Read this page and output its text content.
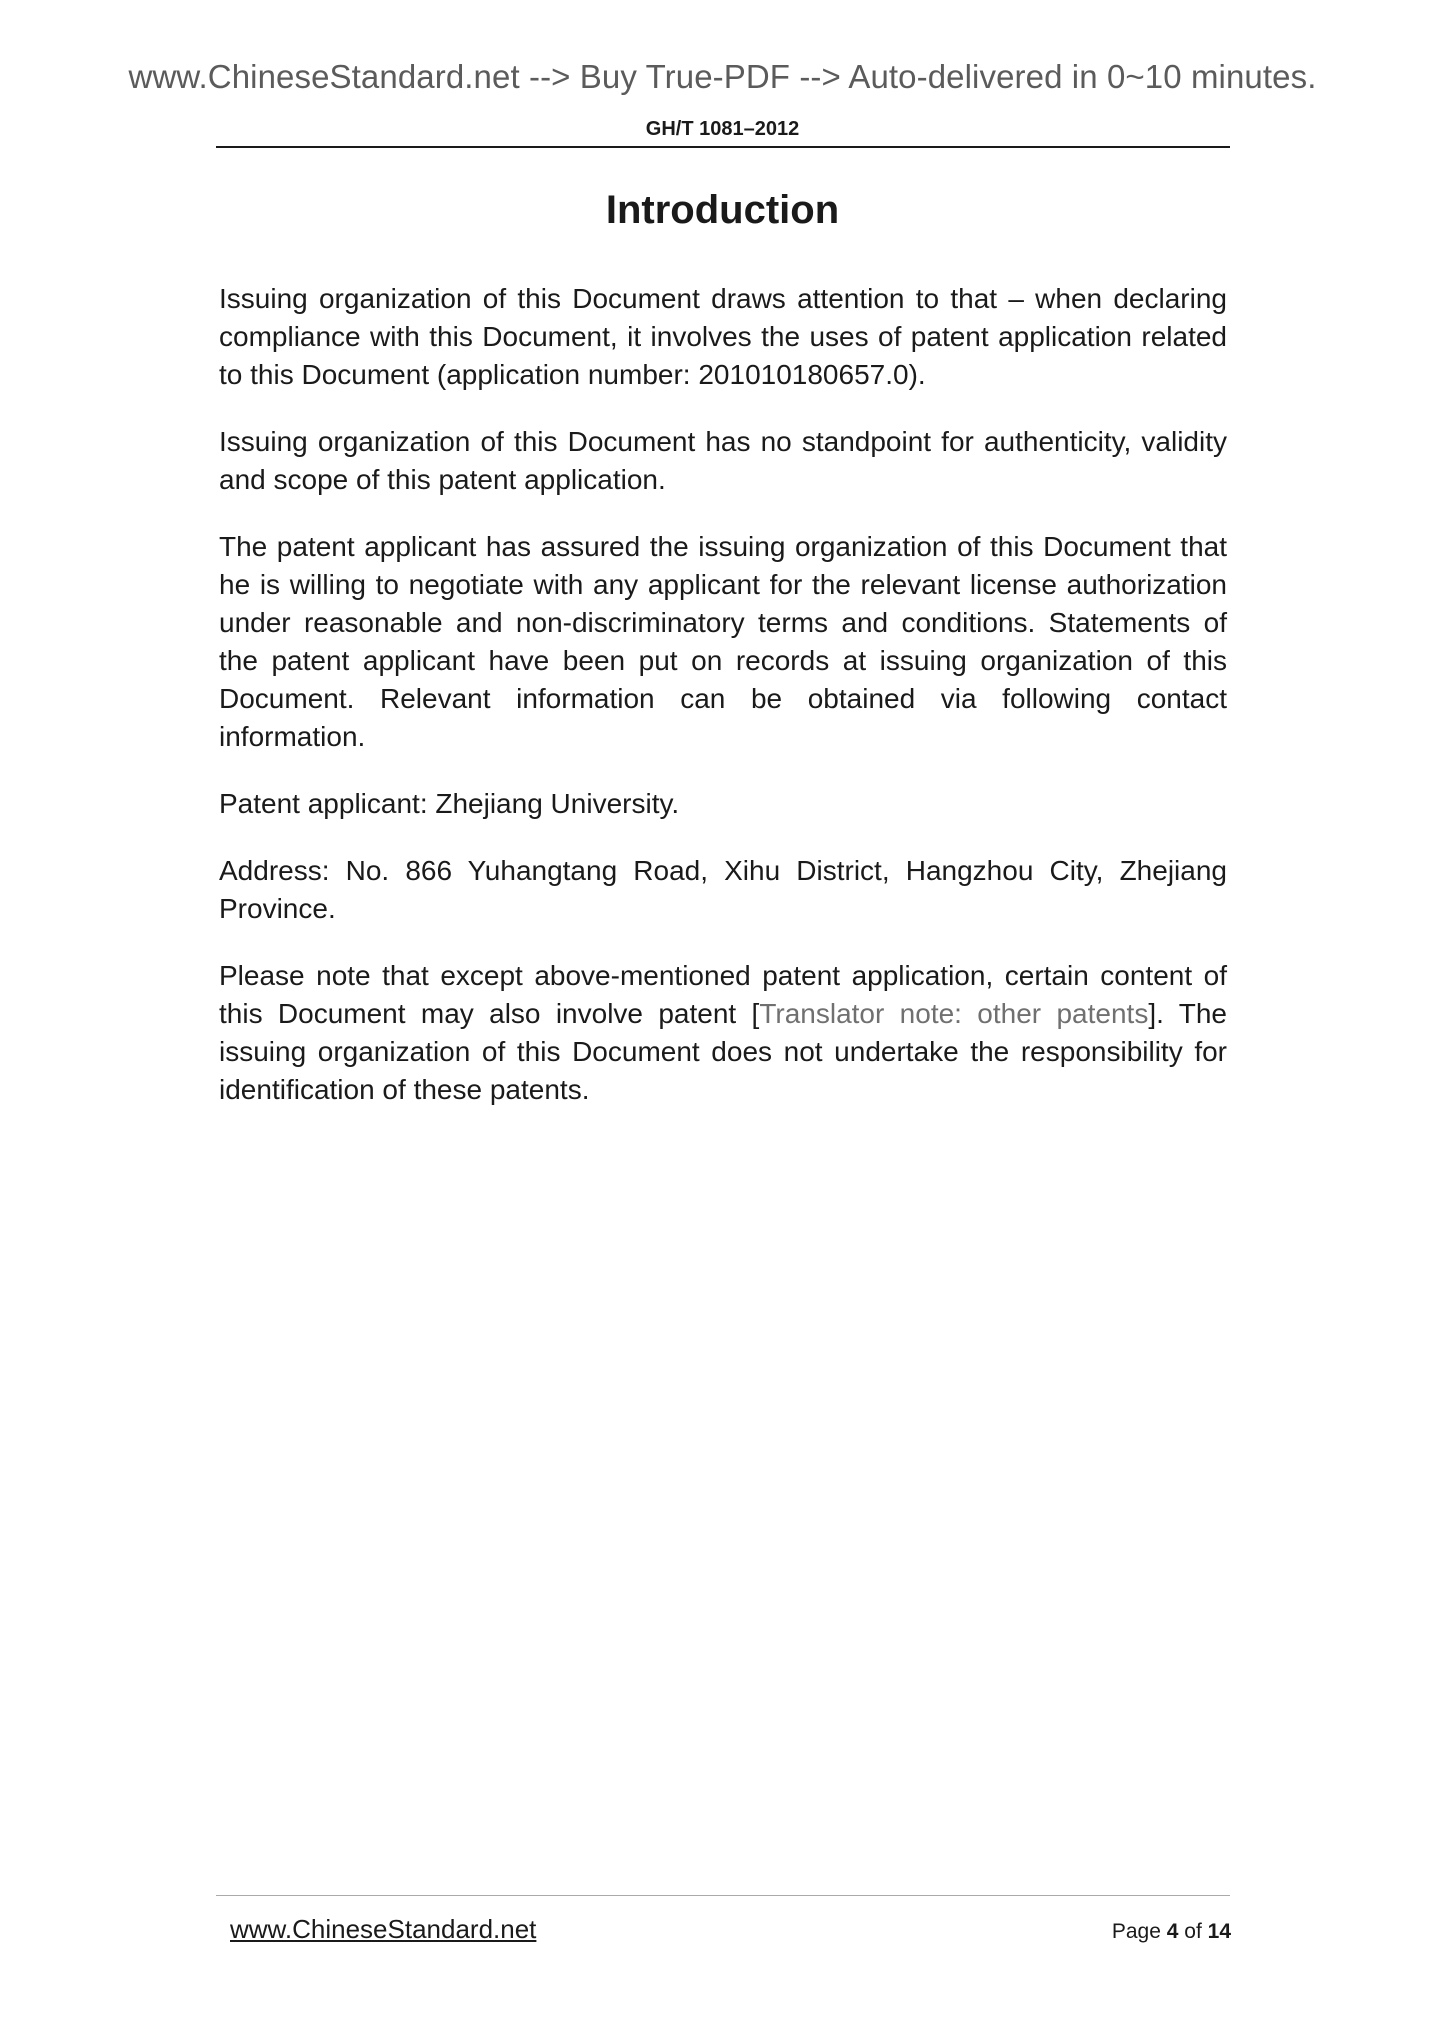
www.ChineseStandard.net --> Buy True-PDF --> Auto-delivered in 0~10 minutes.
GH/T 1081–2012
Introduction

Issuing organization of this Document draws attention to that – when declaring compliance with this Document, it involves the uses of patent application related to this Document (application number: 201010180657.0).

Issuing organization of this Document has no standpoint for authenticity, validity and scope of this patent application.

The patent applicant has assured the issuing organization of this Document that he is willing to negotiate with any applicant for the relevant license authorization under reasonable and non-discriminatory terms and conditions. Statements of the patent applicant have been put on records at issuing organization of this Document. Relevant information can be obtained via following contact information.

Patent applicant: Zhejiang University.

Address: No. 866 Yuhangtang Road, Xihu District, Hangzhou City, Zhejiang Province.

Please note that except above-mentioned patent application, certain content of this Document may also involve patent [Translator note: other patents]. The issuing organization of this Document does not undertake the responsibility for identification of these patents.

www.ChineseStandard.net	Page 4 of 14
